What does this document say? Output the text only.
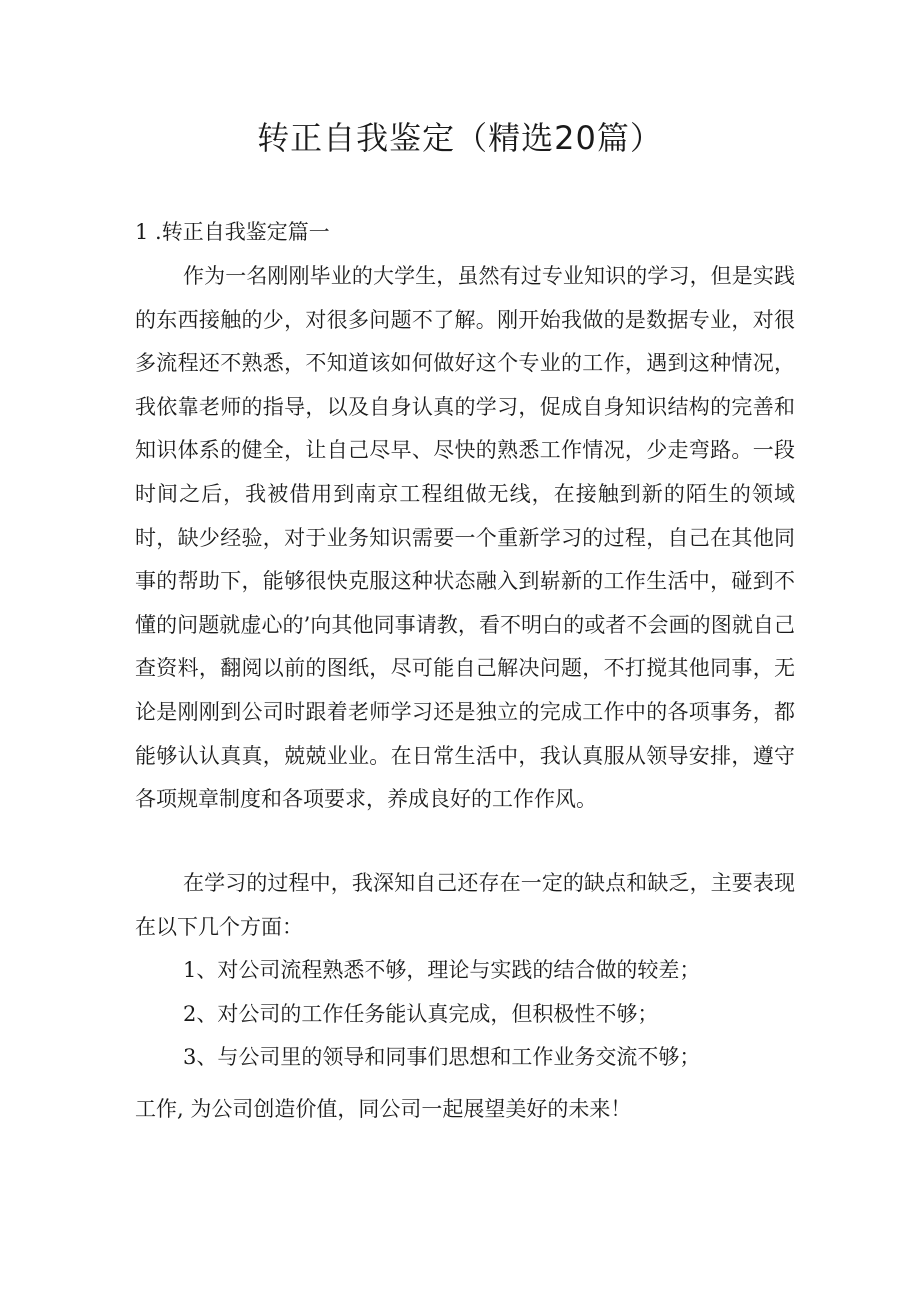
转正自我鉴定（精选20篇）
1 .转正自我鉴定篇一

作为一名刚刚毕业的大学生，虽然有过专业知识的学习，但是实践的东西接触的少，对很多问题不了解。刚开始我做的是数据专业，对很多流程还不熟悉，不知道该如何做好这个专业的工作，遇到这种情况，我依靠老师的指导，以及自身认真的学习，促成自身知识结构的完善和知识体系的健全，让自己尽早、尽快的熟悉工作情况，少走弯路。一段时间之后，我被借用到南京工程组做无线，在接触到新的陌生的领域时，缺少经验，对于业务知识需要一个重新学习的过程，自己在其他同事的帮助下，能够很快克服这种状态融入到崭新的工作生活中，碰到不懂的问题就虚心的’向其他同事请教，看不明白的或者不会画的图就自己查资料，翻阅以前的图纸，尽可能自己解决问题，不打搅其他同事，无论是刚刚到公司时跟着老师学习还是独立的完成工作中的各项事务，都能够认认真真，兢兢业业。在日常生活中，我认真服从领导安排，遵守各项规章制度和各项要求，养成良好的工作作风。

在学习的过程中，我深知自己还存在一定的缺点和缺乏，主要表现在以下几个方面：

1、对公司流程熟悉不够，理论与实践的结合做的较差；
2、对公司的工作任务能认真完成，但积极性不够；
3、与公司里的领导和同事们思想和工作业务交流不够；

工作, 为公司创造价值，同公司一起展望美好的未来！
